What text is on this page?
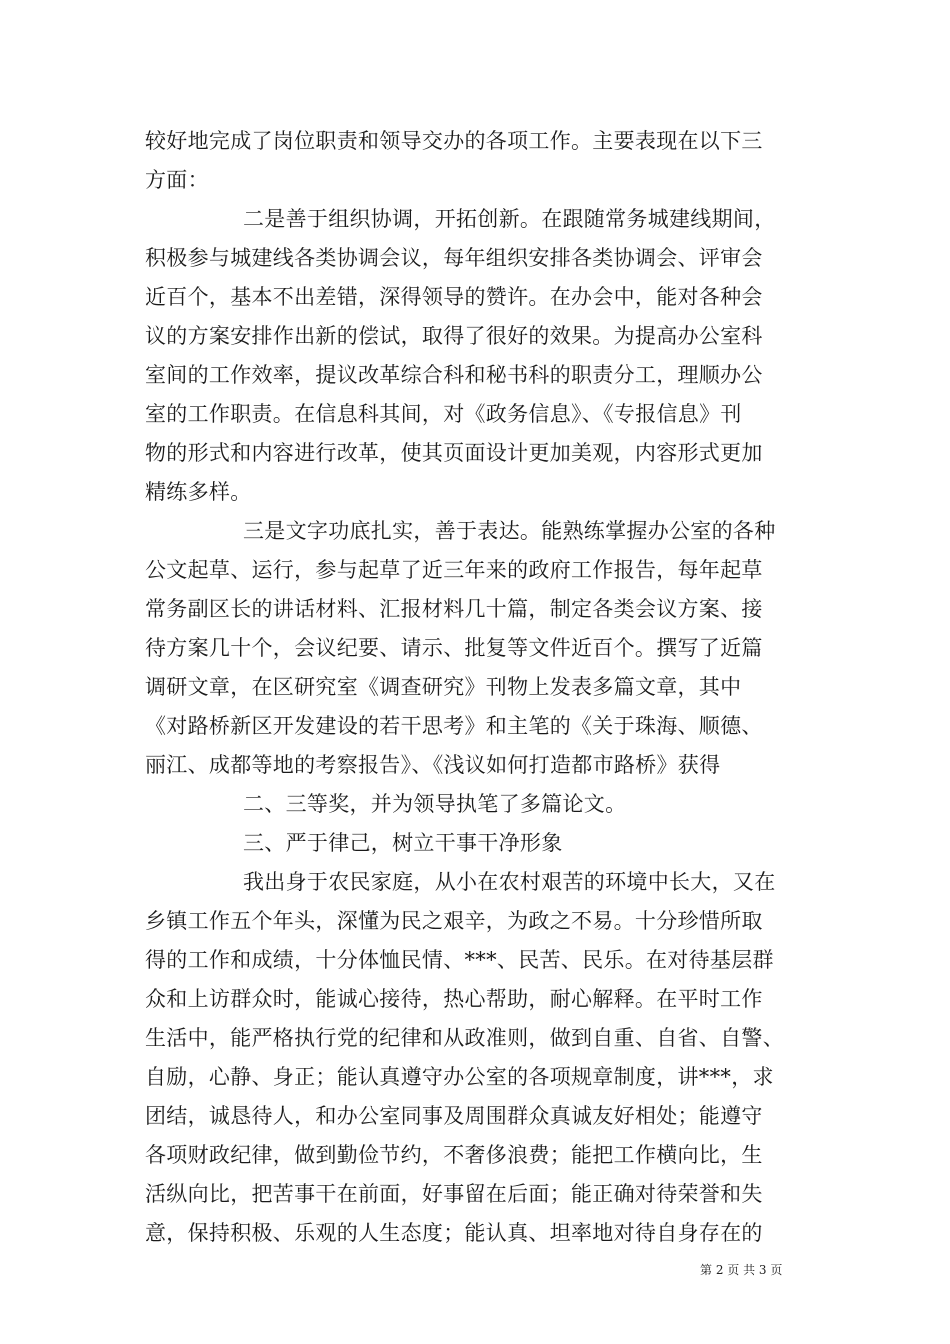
较好地完成了岗位职责和领导交办的各项工作。主要表现在以下三
方面：
二是善于组织协调，开拓创新。在跟随常务城建线期间，
积极参与城建线各类协调会议，每年组织安排各类协调会、评审会
近百个，基本不出差错，深得领导的赞许。在办会中，能对各种会
议的方案安排作出新的偿试，取得了很好的效果。为提高办公室科
室间的工作效率，提议改革综合科和秘书科的职责分工，理顺办公
室的工作职责。在信息科其间，对《政务信息》、《专报信息》刊
物的形式和内容进行改革，使其页面设计更加美观，内容形式更加
精练多样。
三是文字功底扎实，善于表达。能熟练掌握办公室的各种
公文起草、运行，参与起草了近三年来的政府工作报告，每年起草
常务副区长的讲话材料、汇报材料几十篇，制定各类会议方案、接
待方案几十个，会议纪要、请示、批复等文件近百个。撰写了近篇
调研文章，在区研究室《调查研究》刊物上发表多篇文章，其中
《对路桥新区开发建设的若干思考》和主笔的《关于珠海、顺德、
丽江、成都等地的考察报告》、《浅议如何打造都市路桥》获得
二、三等奖，并为领导执笔了多篇论文。
三、严于律己，树立干事干净形象
我出身于农民家庭，从小在农村艰苦的环境中长大，又在
乡镇工作五个年头，深懂为民之艰辛，为政之不易。十分珍惜所取
得的工作和成绩，十分体恤民情、***、民苦、民乐。在对待基层群
众和上访群众时，能诚心接待，热心帮助，耐心解释。在平时工作
生活中，能严格执行党的纪律和从政准则，做到自重、自省、自警、
自励，心静、身正；能认真遵守办公室的各项规章制度，讲***，求
团结，诚恳待人，和办公室同事及周围群众真诚友好相处；能遵守
各项财政纪律，做到勤俭节约，不奢侈浪费；能把工作横向比，生
活纵向比，把苦事干在前面，好事留在后面；能正确对待荣誉和失
意，保持积极、乐观的人生态度；能认真、坦率地对待自身存在的
第 2 页 共 3 页
